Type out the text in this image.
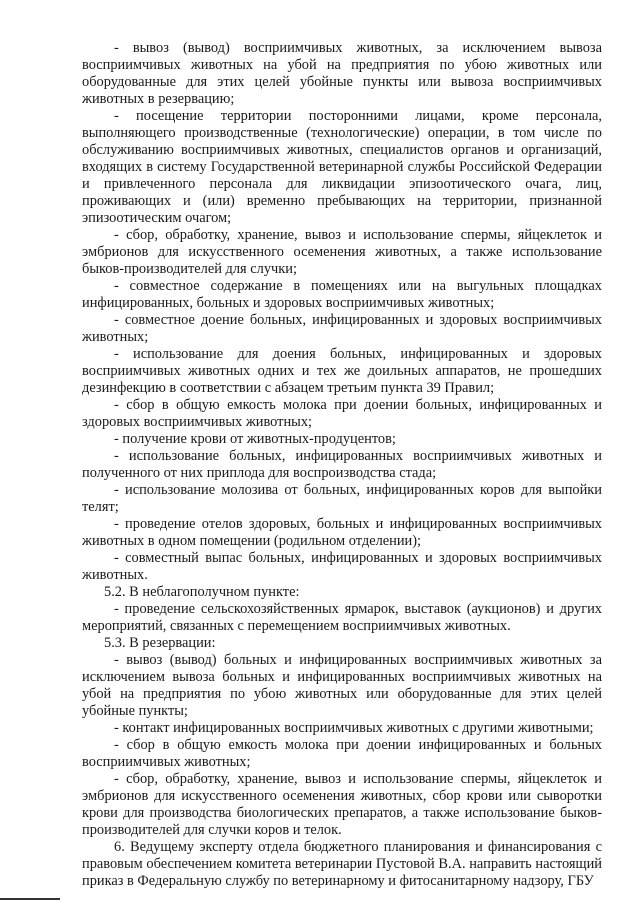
- вывоз (вывод) восприимчивых животных, за исключением вывоза восприимчивых животных на убой на предприятия по убою животных или оборудованные для этих целей убойные пункты или вывоза восприимчивых животных в резервацию;

- посещение территории посторонними лицами, кроме персонала, выполняющего производственные (технологические) операции, в том числе по обслуживанию восприимчивых животных, специалистов органов и организаций, входящих в систему Государственной ветеринарной службы Российской Федерации и привлеченного персонала для ликвидации эпизоотического очага, лиц, проживающих и (или) временно пребывающих на территории, признанной эпизоотическим очагом;

- сбор, обработку, хранение, вывоз и использование спермы, яйцеклеток и эмбрионов для искусственного осеменения животных, а также использование быков-производителей для случки;

- совместное содержание в помещениях или на выгульных площадках инфицированных, больных и здоровых восприимчивых животных;

- совместное доение больных, инфицированных и здоровых восприимчивых животных;

- использование для доения больных, инфицированных и здоровых восприимчивых животных одних и тех же доильных аппаратов, не прошедших дезинфекцию в соответствии с абзацем третьим пункта 39 Правил;

- сбор в общую емкость молока при доении больных, инфицированных и здоровых восприимчивых животных;

- получение крови от животных-продуцентов;

- использование больных, инфицированных восприимчивых животных и полученного от них приплода для воспроизводства стада;

- использование молозива от больных, инфицированных коров для выпойки телят;

- проведение отелов здоровых, больных и инфицированных восприимчивых животных в одном помещении (родильном отделении);

- совместный выпас больных, инфицированных и здоровых восприимчивых животных.

5.2. В неблагополучном пункте:

- проведение сельскохозяйственных ярмарок, выставок (аукционов) и других мероприятий, связанных с перемещением восприимчивых животных.

5.3. В резервации:

- вывоз (вывод) больных и инфицированных восприимчивых животных за исключением вывоза больных и инфицированных восприимчивых животных на убой на предприятия по убою животных или оборудованные для этих целей убойные пункты;

- контакт инфицированных восприимчивых животных с другими животными;

- сбор в общую емкость молока при доении инфицированных и больных восприимчивых животных;

- сбор, обработку, хранение, вывоз и использование спермы, яйцеклеток и эмбрионов для искусственного осеменения животных, сбор крови или сыворотки крови для производства биологических препаратов, а также использование быков-производителей для случки коров и телок.

6. Ведущему эксперту отдела бюджетного планирования и финансирования с правовым обеспечением комитета ветеринарии Пустовой В.А. направить настоящий приказ в Федеральную службу по ветеринарному и фитосанитарному надзору, ГБУ
